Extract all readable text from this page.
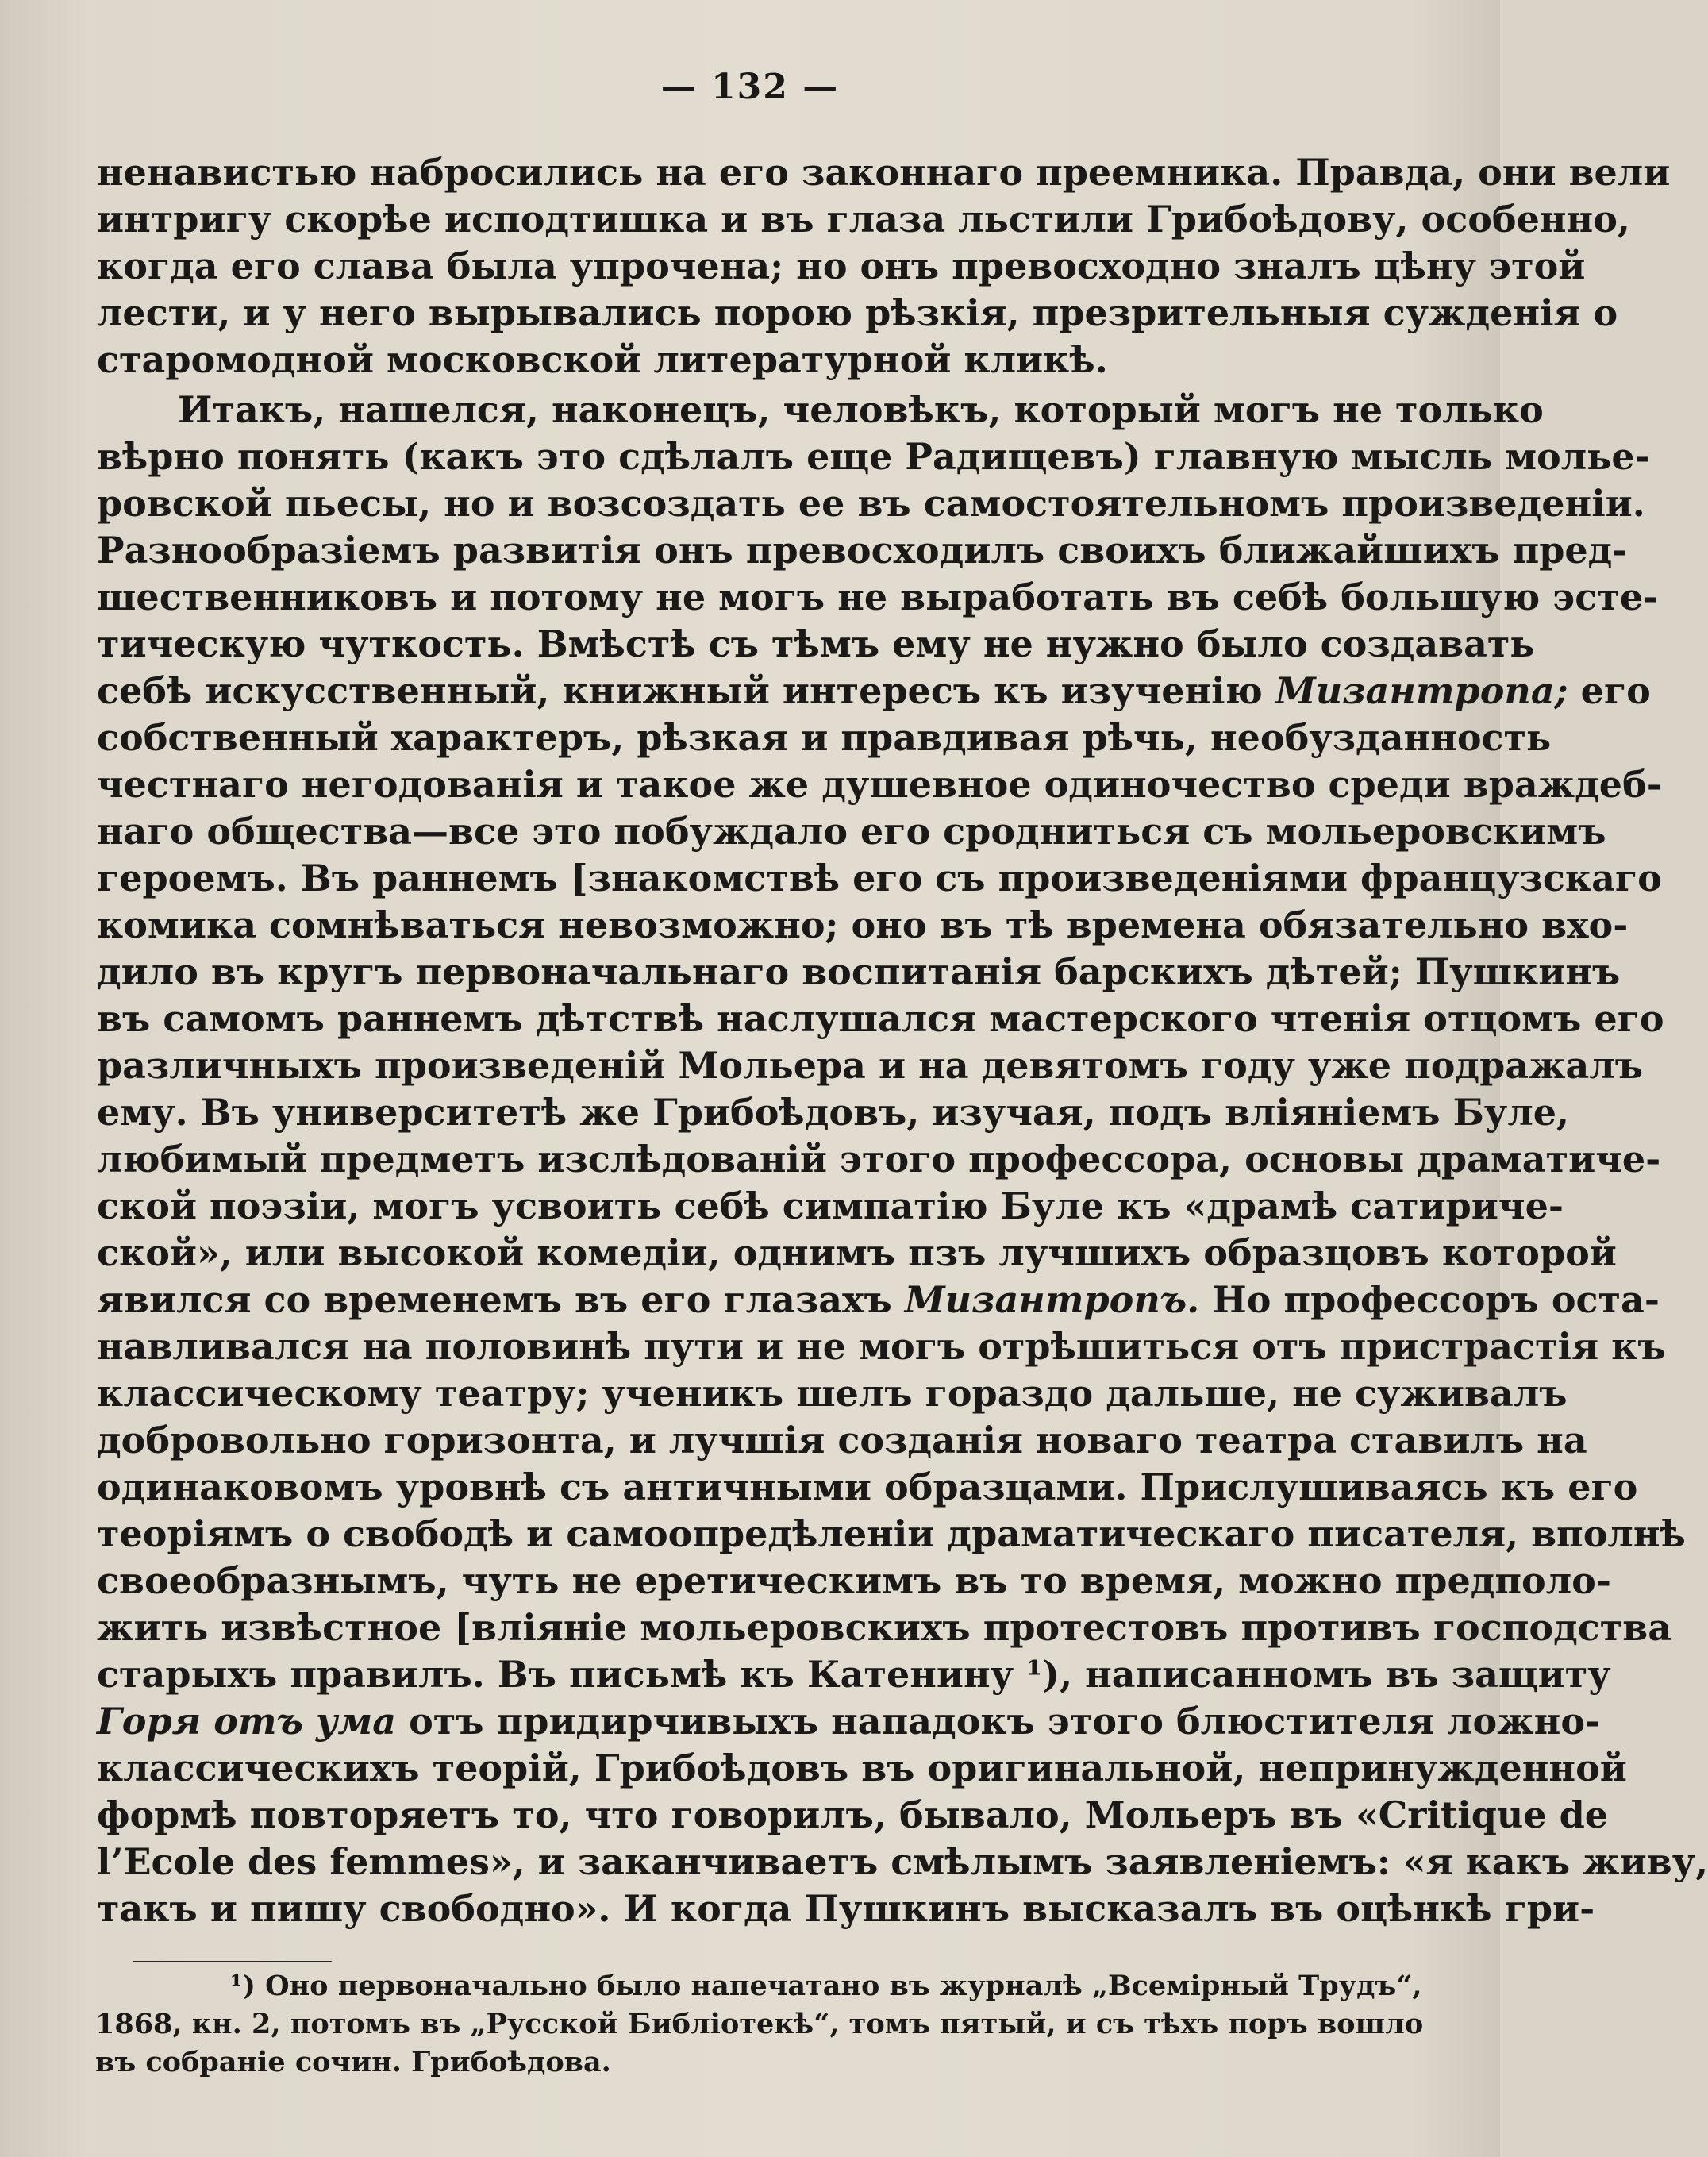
— 132 —

ненавистью набросились на его законнаго преемника. Правда, они вели
интригу скорѣе исподтишка и въ глаза льстили Грибоѣдову, особенно,
когда его слава была упрочена; но онъ превосходно зналъ цѣну этой
лести, и у него вырывались порою рѣзкія, презрительныя сужденія о
старомодной московской литературной кликѣ.

Итакъ, нашелся, наконецъ, человѣкъ, который могъ не только
вѣрно понять (какъ это сдѣлалъ еще Радищевъ) главную мысль мольe-
ровской пьесы, но и возсоздать ее въ самостоятельномъ произведеніи.
Разнообразіемъ развитія онъ превосходилъ своихъ ближайшихъ пред-
шественниковъ и потому не могъ не выработать въ себѣ большую эсте-
тическую чуткость. Вмѣстѣ съ тѣмъ ему не нужно было создавать
себѣ искусственный, книжный интересъ къ изученію Мизантропа; его
собственный характеръ, рѣзкая и правдивая рѣчь, необузданность
честнаго негодованія и такое же душевное одиночество среди враждеб-
наго общества—все это побуждало его сродниться съ мольеровскимъ
героемъ. Въ раннемъ [знакомствѣ его съ произведеніями французскаго
комика сомнѣваться невозможно; оно въ тѣ времена обязательно вхо-
дило въ кругъ первоначальнаго воспитанія барскихъ дѣтей; Пушкинъ
въ самомъ раннемъ дѣтствѣ наслушался мастерского чтенія отцомъ его
различныхъ произведеній Мольера и на девятомъ году уже подражалъ
ему. Въ университетѣ же Грибоѣдовъ, изучая, подъ вліяніемъ Буле,
любимый предметъ изслѣдованій этого профессора, основы драматиче-
ской поэзіи, могъ усвоить себѣ симпатію Буле къ «драмѣ сатириче-
ской», или высокой комедіи, однимъ пзъ лучшихъ образцовъ которой
явился со временемъ въ его глазахъ Мизантропъ. Но профессоръ оста-
навливался на половинѣ пути и не могъ отрѣшиться отъ пристрастія къ
классическому театру; ученикъ шелъ гораздо дальше, не суживалъ
добровольно горизонта, и лучшія созданія новаго театра ставилъ на
одинаковомъ уровнѣ съ античными образцами. Прислушиваясь къ его
теоріямъ о свободѣ и самоопредѣленіи драматическаго писателя, вполнѣ
своеобразнымъ, чуть не еретическимъ въ то время, можно предполо-
жить извѣстное [вліяніе мольеровскихъ протестовъ противъ господства
старыхъ правилъ. Въ письмѣ къ Катенину ¹), написанномъ въ защиту
Горя отъ ума отъ придирчивыхъ нападокъ этого блюстителя ложно-
классическихъ теорій, Грибоѣдовъ въ оригинальной, непринужденной
формѣ повторяетъ то, что говорилъ, бывало, Мольеръ въ «Critique de
l’Ecole des femmes», и заканчиваетъ смѣлымъ заявленіемъ: «я какъ живу,
такъ и пишу свободно». И когда Пушкинъ высказалъ въ оцѣнкѣ гри-

¹) Оно первоначально было напечатано въ журналѣ „Всемірный Трудъ“,
1868, кн. 2, потомъ въ „Русской Библіотекѣ“, томъ пятый, и съ тѣхъ поръ вошло
въ собраніе сочин. Грибоѣдова.
